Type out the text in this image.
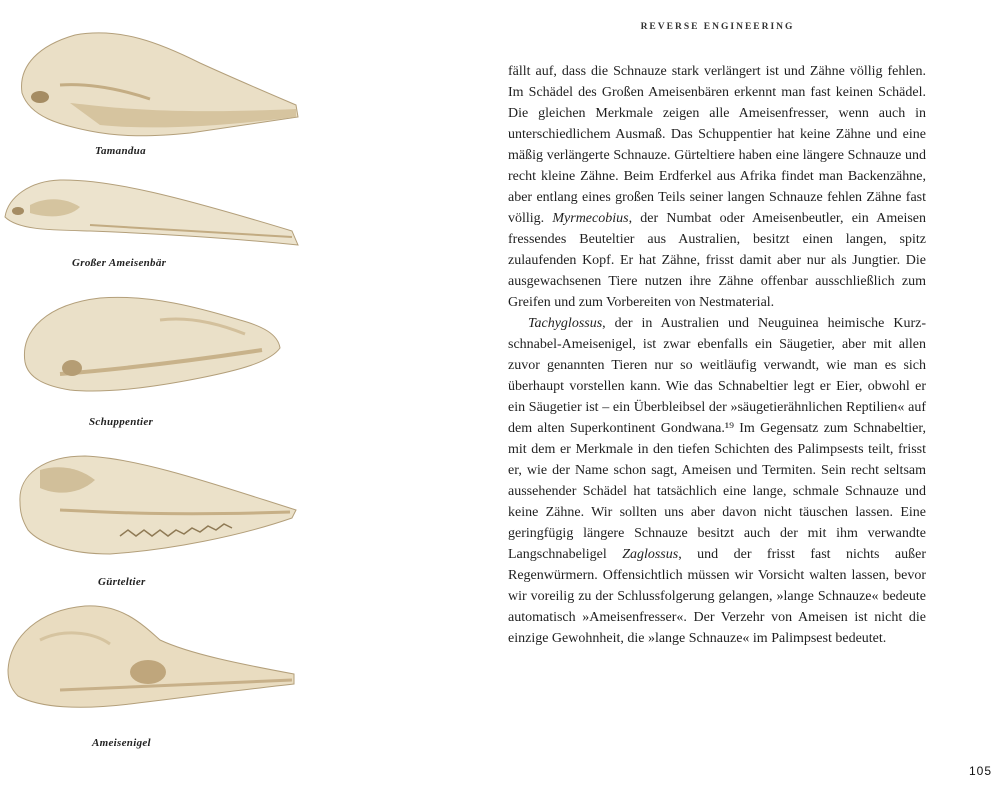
Tamandua
Großer Ameisenbär
Schuppentier
Gürteltier
Ameisenigel
REVERSE ENGINEERING

fällt auf, dass die Schnauze stark verlängert ist und Zähne völlig fehlen. Im Schädel des Großen Ameisenbären erkennt man fast keinen Schädel. Die gleichen Merkmale zeigen alle Ameisenfresser, wenn auch in unterschiedlichem Ausmaß. Das Schuppentier hat keine Zähne und eine mäßig verlängerte Schnauze. Gürteltiere haben eine längere Schnauze und recht kleine Zähne. Beim Erdferkel aus Afrika findet man Backenzähne, aber entlang eines großen Teils seiner langen Schnauze fehlen Zähne fast völlig. Myrmecobius, der Numbat oder Ameisenbeutler, ein Ameisen fressendes Beuteltier aus Australien, besitzt einen langen, spitz zulaufenden Kopf. Er hat Zähne, frisst damit aber nur als Jungtier. Die ausgewachsenen Tiere nutzen ihre Zähne offenbar ausschließlich zum Greifen und zum Vorbereiten von Nestmaterial.

Tachyglossus, der in Australien und Neuguinea heimische Kurzschnabel-Ameisenigel, ist zwar ebenfalls ein Säugetier, aber mit allen zuvor genannten Tieren nur so weitläufig verwandt, wie man es sich überhaupt vorstellen kann. Wie das Schnabeltier legt er Eier, obwohl er ein Säugetier ist – ein Überbleibsel der »säugetierähnlichen Reptilien« auf dem alten Superkontinent Gondwana.¹⁹ Im Gegensatz zum Schnabeltier, mit dem er Merkmale in den tiefen Schichten des Palimpsests teilt, frisst er, wie der Name schon sagt, Ameisen und Termiten. Sein recht seltsam aussehender Schädel hat tatsächlich eine lange, schmale Schnauze und keine Zähne. Wir sollten uns aber davon nicht täuschen lassen. Eine geringfügig längere Schnauze besitzt auch der mit ihm verwandte Langschnabeligel Zaglossus, und der frisst fast nichts außer Regenwürmern. Offensichtlich müssen wir Vorsicht walten lassen, bevor wir voreilig zu der Schlussfolgerung gelangen, »lange Schnauze« bedeute automatisch »Ameisenfresser«. Der Verzehr von Ameisen ist nicht die einzige Gewohnheit, die »lange Schnauze« im Palimpsest bedeutet.

105
